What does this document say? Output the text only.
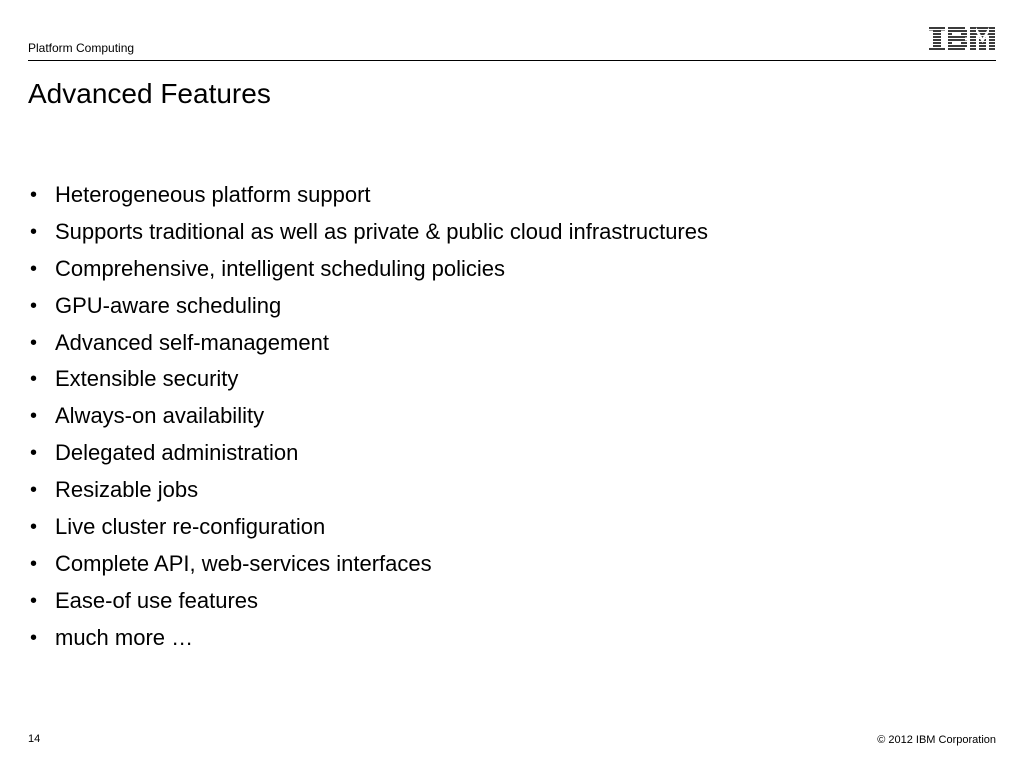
Platform Computing
Advanced Features
• Heterogeneous platform support
• Supports traditional as well as private & public cloud infrastructures
• Comprehensive, intelligent scheduling policies
• GPU-aware scheduling
• Advanced self-management
• Extensible security
• Always-on availability
• Delegated administration
• Resizable jobs
• Live cluster re-configuration
• Complete API, web-services interfaces
• Ease-of use features
• much more …
14	© 2012 IBM Corporation
